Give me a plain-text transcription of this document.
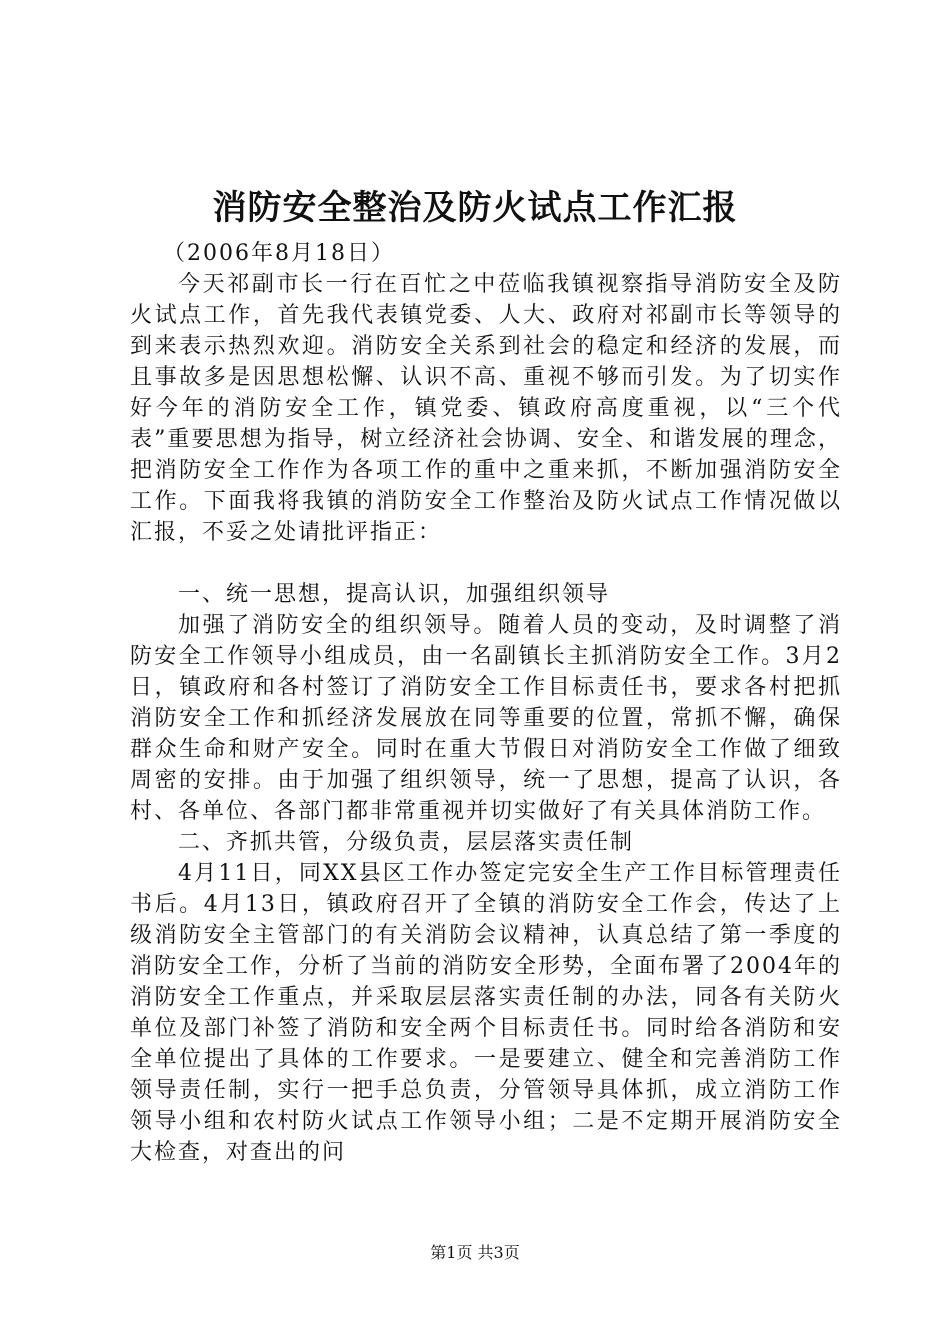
消防安全整治及防火试点工作汇报

（2006年8月18日）

今天祁副市长一行在百忙之中莅临我镇视察指导消防安全及防火试点工作，首先我代表镇党委、人大、政府对祁副市长等领导的到来表示热烈欢迎。消防安全关系到社会的稳定和经济的发展，而且事故多是因思想松懈、认识不高、重视不够而引发。为了切实作好今年的消防安全工作，镇党委、镇政府高度重视，以“三个代表”重要思想为指导，树立经济社会协调、安全、和谐发展的理念，把消防安全工作作为各项工作的重中之重来抓，不断加强消防安全工作。下面我将我镇的消防安全工作整治及防火试点工作情况做以汇报，不妥之处请批评指正：

一、统一思想，提高认识，加强组织领导

加强了消防安全的组织领导。随着人员的变动，及时调整了消防安全工作领导小组成员，由一名副镇长主抓消防安全工作。3月2日，镇政府和各村签订了消防安全工作目标责任书，要求各村把抓消防安全工作和抓经济发展放在同等重要的位置，常抓不懈，确保群众生命和财产安全。同时在重大节假日对消防安全工作做了细致周密的安排。由于加强了组织领导，统一了思想，提高了认识，各村、各单位、各部门都非常重视并切实做好了有关具体消防工作。

二、齐抓共管，分级负责，层层落实责任制

4月11日，同XX县区工作办签定完安全生产工作目标管理责任书后。4月13日，镇政府召开了全镇的消防安全工作会，传达了上级消防安全主管部门的有关消防会议精神，认真总结了第一季度的消防安全工作，分析了当前的消防安全形势，全面布署了2004年的消防安全工作重点，并采取层层落实责任制的办法，同各有关防火单位及部门补签了消防和安全两个目标责任书。同时给各消防和安全单位提出了具体的工作要求。一是要建立、健全和完善消防工作领导责任制，实行一把手总负责，分管领导具体抓，成立消防工作领导小组和农村防火试点工作领导小组；二是不定期开展消防安全大检查，对查出的问

第1页 共3页
